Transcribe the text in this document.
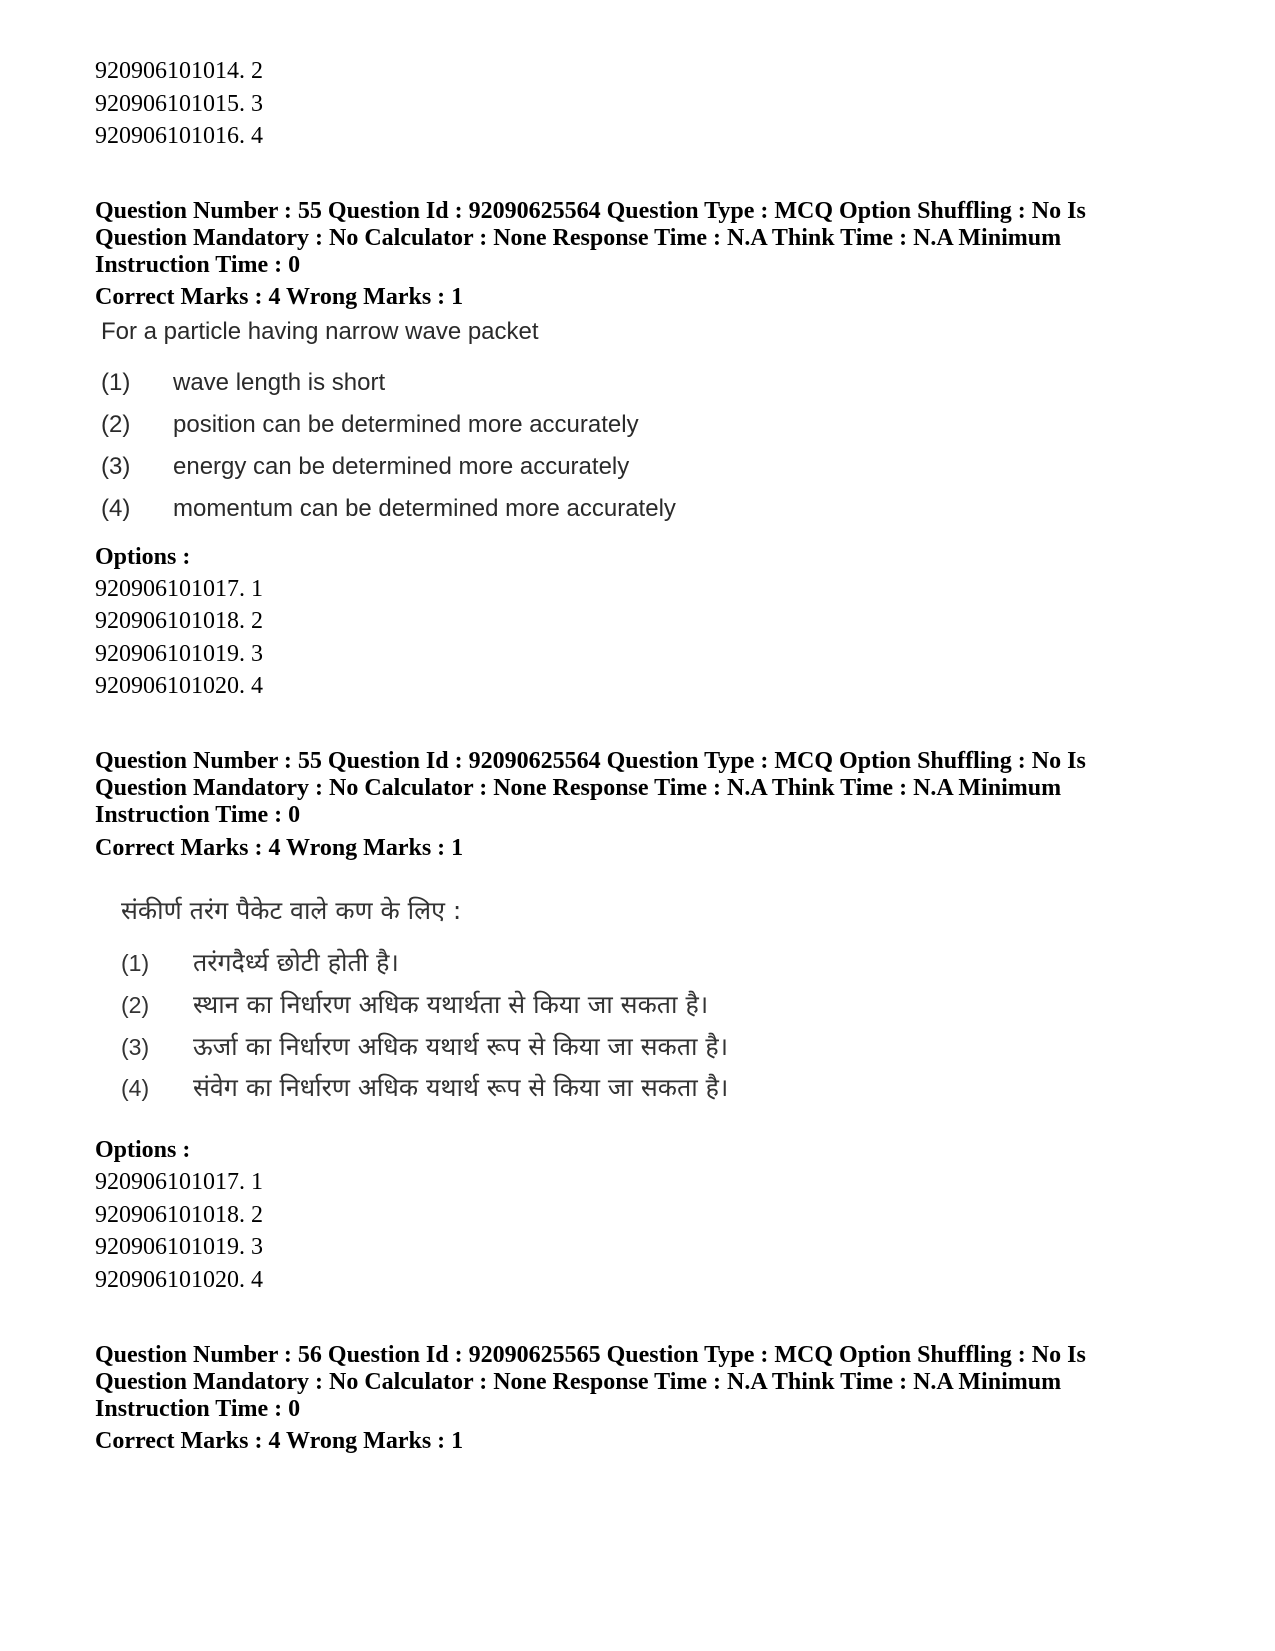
920906101014. 2
920906101015. 3
920906101016. 4
Question Number : 55 Question Id : 92090625564 Question Type : MCQ Option Shuffling : No Is
Question Mandatory : No Calculator : None Response Time : N.A Think Time : N.A Minimum
Instruction Time : 0
Correct Marks : 4 Wrong Marks : 1
For a particle having narrow wave packet
(1) wave length is short
(2) position can be determined more accurately
(3) energy can be determined more accurately
(4) momentum can be determined more accurately
Options :
920906101017. 1
920906101018. 2
920906101019. 3
920906101020. 4
Question Number : 55 Question Id : 92090625564 Question Type : MCQ Option Shuffling : No Is
Question Mandatory : No Calculator : None Response Time : N.A Think Time : N.A Minimum
Instruction Time : 0
Correct Marks : 4 Wrong Marks : 1
संकीर्ण तरंग पैकेट वाले कण के लिए :
(1) तरंगदैर्ध्य छोटी होती है।
(2) स्थान का निर्धारण अधिक यथार्थता से किया जा सकता है।
(3) ऊर्जा का निर्धारण अधिक यथार्थ रूप से किया जा सकता है।
(4) संवेग का निर्धारण अधिक यथार्थ रूप से किया जा सकता है।
Options :
920906101017. 1
920906101018. 2
920906101019. 3
920906101020. 4
Question Number : 56 Question Id : 92090625565 Question Type : MCQ Option Shuffling : No Is
Question Mandatory : No Calculator : None Response Time : N.A Think Time : N.A Minimum
Instruction Time : 0
Correct Marks : 4 Wrong Marks : 1
